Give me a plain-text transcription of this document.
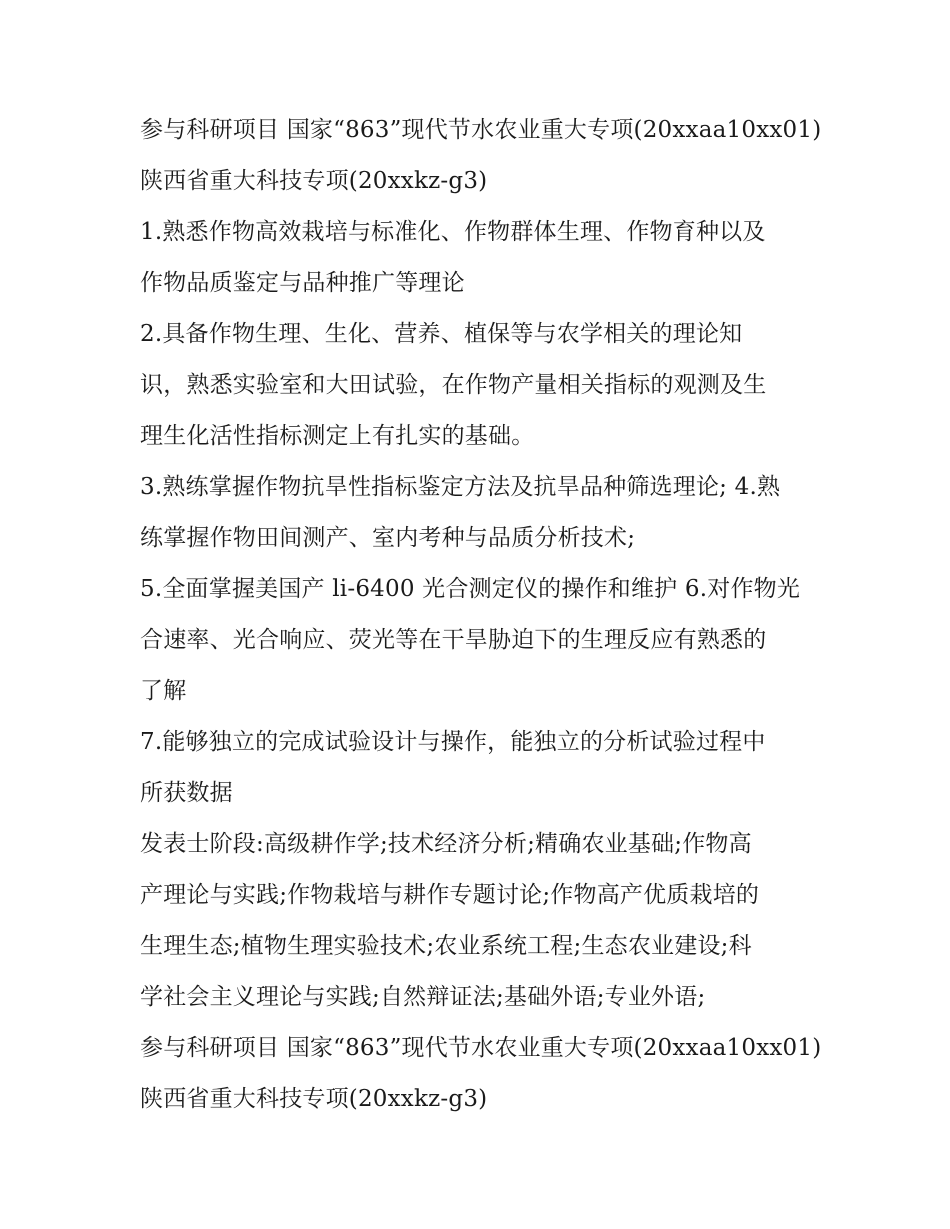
参与科研项目 国家“863”现代节水农业重大专项(20xxaa10xx01)
陕西省重大科技专项(20xxkz-g3)
1.熟悉作物高效栽培与标准化、作物群体生理、作物育种以及
作物品质鉴定与品种推广等理论
2.具备作物生理、生化、营养、植保等与农学相关的理论知
识，熟悉实验室和大田试验，在作物产量相关指标的观测及生
理生化活性指标测定上有扎实的基础。
3.熟练掌握作物抗旱性指标鉴定方法及抗旱品种筛选理论; 4.熟
练掌握作物田间测产、室内考种与品质分析技术;
5.全面掌握美国产 li-6400 光合测定仪的操作和维护 6.对作物光
合速率、光合响应、荧光等在干旱胁迫下的生理反应有熟悉的
了解
7.能够独立的完成试验设计与操作，能独立的分析试验过程中
所获数据
发表士阶段:高级耕作学;技术经济分析;精确农业基础;作物高
产理论与实践;作物栽培与耕作专题讨论;作物高产优质栽培的
生理生态;植物生理实验技术;农业系统工程;生态农业建设;科
学社会主义理论与实践;自然辩证法;基础外语;专业外语;
参与科研项目 国家“863”现代节水农业重大专项(20xxaa10xx01)
陕西省重大科技专项(20xxkz-g3)
